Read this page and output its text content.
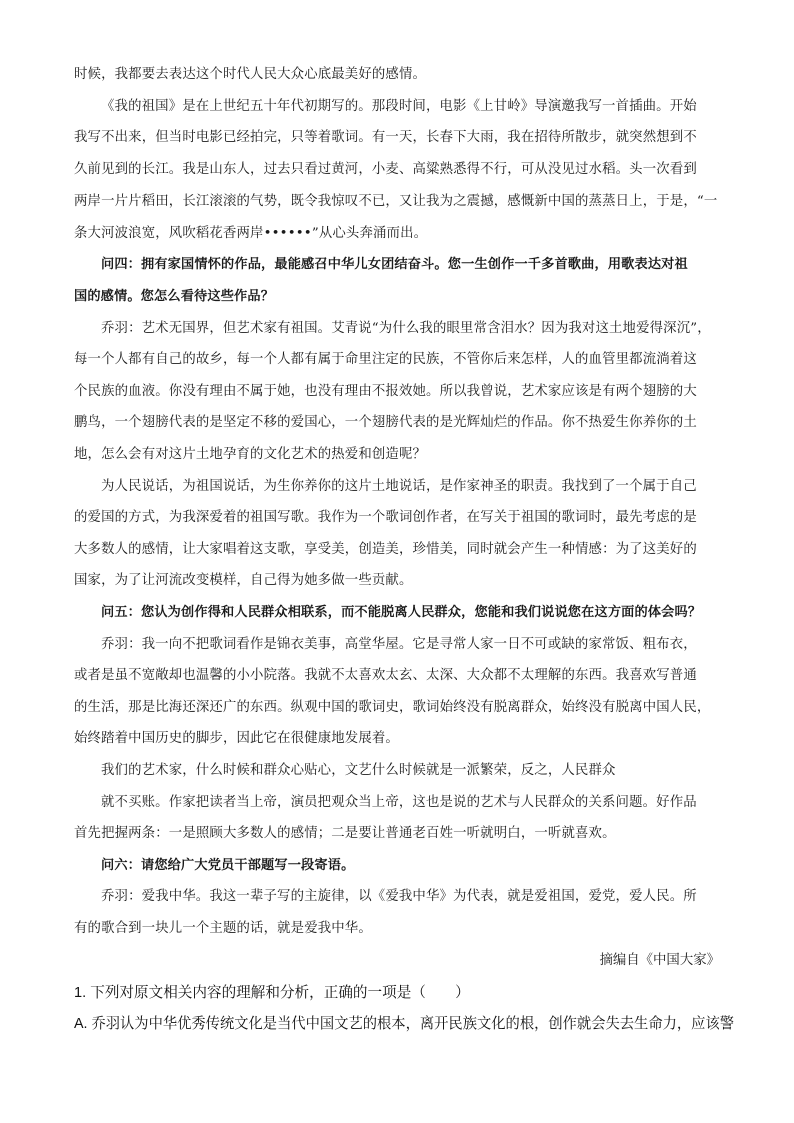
时候，我都要去表达这个时代人民大众心底最美好的感情。
《我的祖国》是在上世纪五十年代初期写的。那段时间，电影《上甘岭》导演邀我写一首插曲。开始
我写不出来，但当时电影已经拍完，只等着歌词。有一天，长春下大雨，我在招待所散步，就突然想到不
久前见到的长江。我是山东人，过去只看过黄河，小麦、高粱熟悉得不行，可从没见过水稻。头一次看到
两岸一片片稻田，长江滚滚的气势，既令我惊叹不已，又让我为之震撼，感慨新中国的蒸蒸日上，于是，“一
条大河波浪宽，风吹稻花香两岸••••••”从心头奔涌而出。
问四：拥有家国情怀的作品，最能感召中华儿女团结奋斗。您一生创作一千多首歌曲，用歌表达对祖
国的感情。您怎么看待这些作品？
乔羽：艺术无国界，但艺术家有祖国。艾青说“为什么我的眼里常含泪水？因为我对这土地爱得深沉”，
每一个人都有自己的故乡，每一个人都有属于命里注定的民族，不管你后来怎样，人的血管里都流淌着这
个民族的血液。你没有理由不属于她，也没有理由不报效她。所以我曾说，艺术家应该是有两个翅膀的大
鹏鸟，一个翅膀代表的是坚定不移的爱国心，一个翅膀代表的是光辉灿烂的作品。你不热爱生你养你的土
地，怎么会有对这片土地孕育的文化艺术的热爱和创造呢？
为人民说话，为祖国说话，为生你养你的这片土地说话，是作家神圣的职责。我找到了一个属于自己
的爱国的方式，为我深爱着的祖国写歌。我作为一个歌词创作者，在写关于祖国的歌词时，最先考虑的是
大多数人的感情，让大家唱着这支歌，享受美，创造美，珍惜美，同时就会产生一种情感：为了这美好的
国家，为了让河流改变模样，自己得为她多做一些贡献。
问五：您认为创作得和人民群众相联系，而不能脱离人民群众，您能和我们说说您在这方面的体会吗？
乔羽：我一向不把歌词看作是锦衣美事，高堂华屋。它是寻常人家一日不可或缺的家常饭、粗布衣，
或者是虽不宽敞却也温馨的小小院落。我就不太喜欢太玄、太深、大众都不太理解的东西。我喜欢写普通
的生活，那是比海还深还广的东西。纵观中国的歌词史，歌词始终没有脱离群众，始终没有脱离中国人民，
始终踏着中国历史的脚步，因此它在很健康地发展着。
我们的艺术家，什么时候和群众心贴心，文艺什么时候就是一派繁荣，反之，人民群众
就不买账。作家把读者当上帝，演员把观众当上帝，这也是说的艺术与人民群众的关系问题。好作品
首先把握两条：一是照顾大多数人的感情；二是要让普通老百姓一听就明白，一听就喜欢。
问六：请您给广大党员干部题写一段寄语。
乔羽：爱我中华。我这一辈子写的主旋律，以《爱我中华》为代表，就是爱祖国，爱党，爱人民。所
有的歌合到一块儿一个主题的话，就是爱我中华。
摘编自《中国大家》
1. 下列对原文相关内容的理解和分析，正确的一项是（　　）
A. 乔羽认为中华优秀传统文化是当代中国文艺的根本，离开民族文化的根，创作就会失去生命力，应该警
